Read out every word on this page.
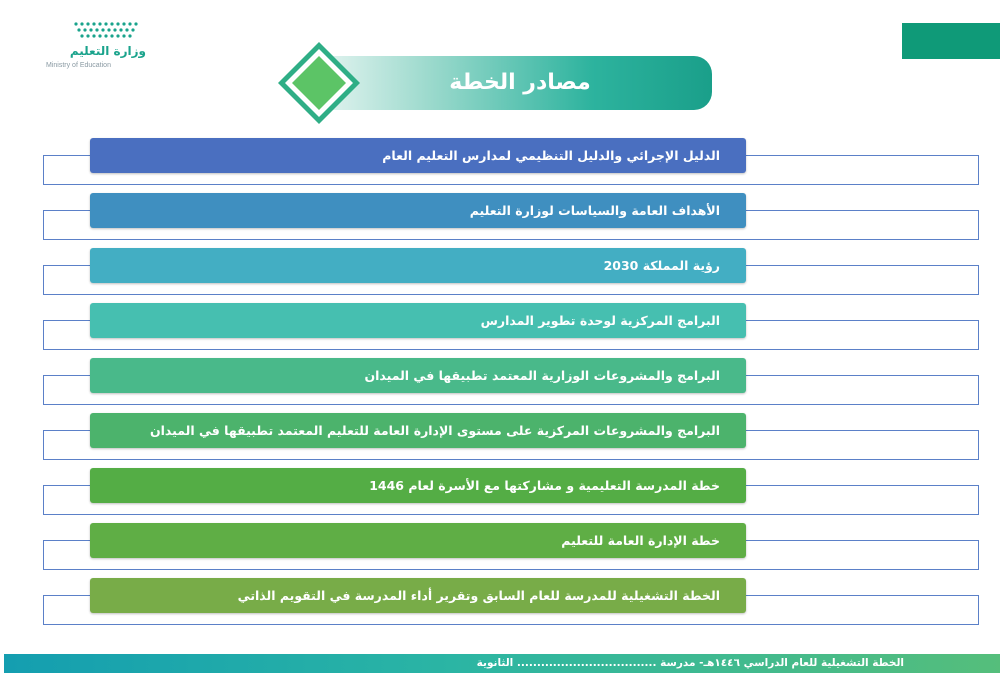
وزارة التعليم
Ministry of Education
مصادر الخطة
الدليل الإجرائي والدليل التنظيمي لمدارس التعليم العام
الأهداف العامة والسياسات لوزارة التعليم
رؤية المملكة 2030
البرامج المركزية لوحدة تطوير المدارس
البرامج والمشروعات الوزارية المعتمد تطبيقها في الميدان
البرامج والمشروعات المركزية على مستوى الإدارة العامة للتعليم المعتمد تطبيقها في الميدان
خطة المدرسة التعليمية و مشاركتها مع الأسرة لعام 1446
خطة الإدارة العامة للتعليم
الخطة التشغيلية للمدرسة للعام السابق وتقرير أداء المدرسة في التقويم الذاتي
الخطة التشغيلية للعام الدراسي ١٤٤٦هـ- مدرسة ................................... الثانوية
